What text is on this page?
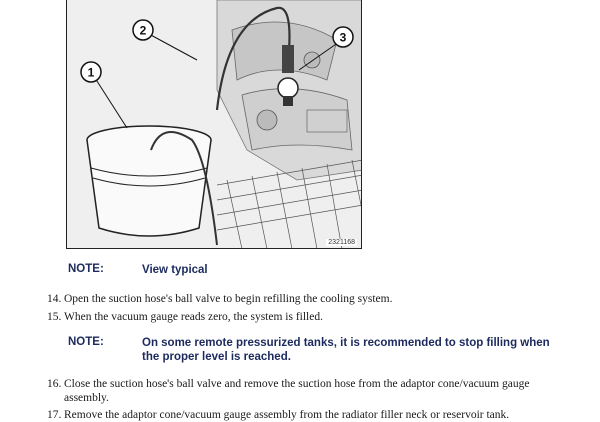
1
2	3
2321168
NOTE:	View typical
14. Open the suction hose's ball valve to begin refilling the cooling system.
15. When the vacuum gauge reads zero, the system is filled.
NOTE:	On some remote pressurized tanks, it is recommended to stop filling when
the proper level is reached.
16. Close the suction hose's ball valve and remove the suction hose from the adaptor cone/vacuum gauge
assembly.
17. Remove the adaptor cone/vacuum gauge assembly from the radiator filler neck or reservoir tank.
